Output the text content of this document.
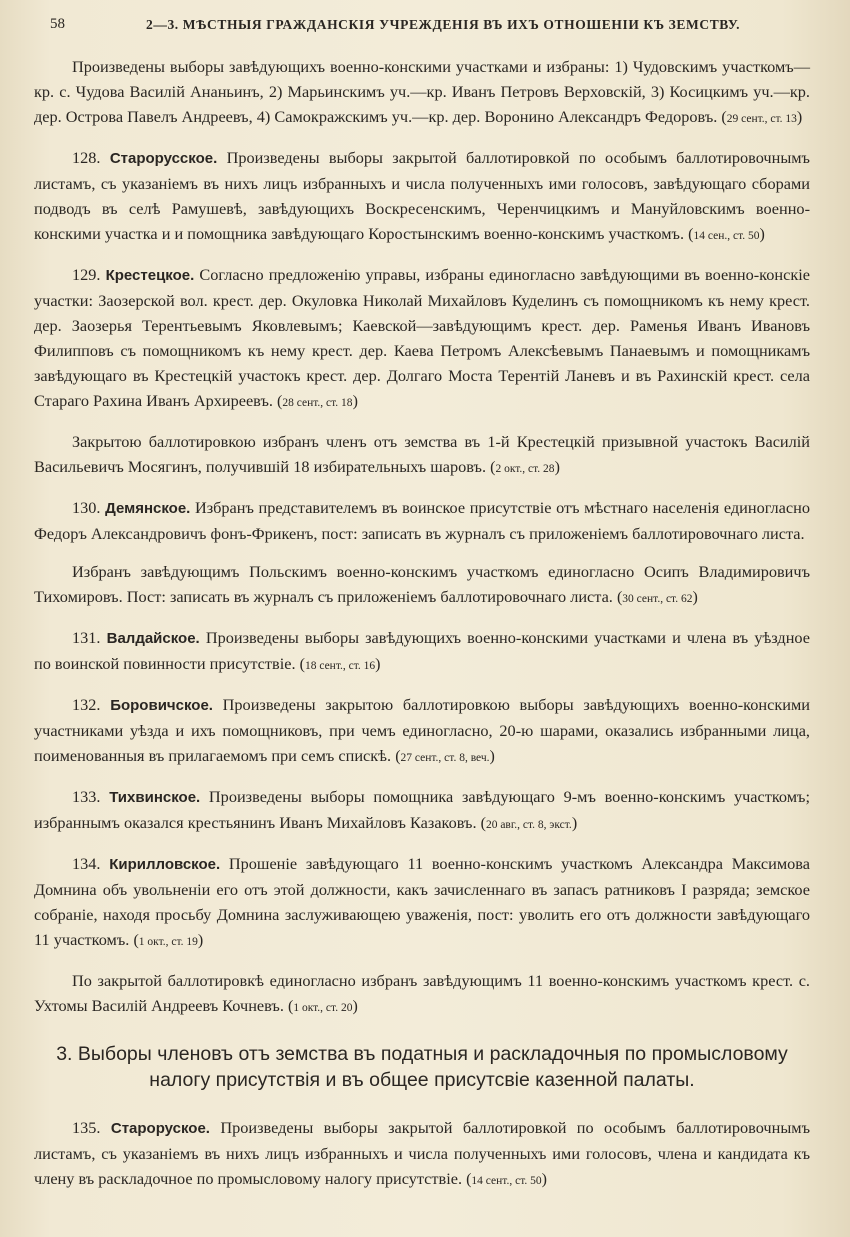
58	2—3. МѢСТНЫЯ ГРАЖДАНСКІЯ УЧРЕЖДЕНІЯ ВЪ ИХЪ ОТНОШЕНІИ КЪ ЗЕМСТВУ.

Произведены выборы завѣдующихъ военно-конскими участками и избраны: 1) Чудовскимъ участкомъ—кр. с. Чудова Василій Ананьинъ, 2) Марьинскимъ уч.—кр. Иванъ Петровъ Верховскій, 3) Косицкимъ уч.—кр. дер. Острова Павелъ Андреевъ, 4) Самокражскимъ уч.—кр. дер. Воронино Александръ Федоровъ. ( 29 сент., ст. 13 )

128. Старорусское. Произведены выборы закрытой баллотировкой по особымъ баллотировочнымъ листамъ, съ указаніемъ въ нихъ лицъ избранныхъ и числа полученныхъ ими голосовъ, завѣдующаго сборами подводъ въ селѣ Рамушевѣ, завѣдующихъ Воскресенскимъ, Черенчицкимъ и Мануйловскимъ военно-конскими участка и и помощника завѣдующаго Коростынскимъ военно-конскимъ участкомъ. ( 14 сен., ст. 50 )

129. Крестецкое. Согласно предложенію управы, избраны единогласно завѣдующими въ военно-конскіе участки: Заозерской вол. крест. дер. Окуловка Николай Михайловъ Куделинъ съ помощникомъ къ нему крест. дер. Заозерья Терентьевымъ Яковлевымъ; Каевской—завѣдующимъ крест. дер. Раменья Иванъ Ивановъ Филипповъ съ помощникомъ къ нему крест. дер. Каева Петромъ Алексѣевымъ Панаевымъ и помощникамъ завѣдующаго въ Крестецкій участокъ крест. дер. Долгаго Моста Терентій Ланевъ и въ Рахинскій крест. села Стараго Рахина Иванъ Архиреевъ. ( 28 сент., ст. 18 )

Закрытою баллотировкою избранъ членъ отъ земства въ 1-й Крестецкій призывной участокъ Василій Васильевичъ Мосягинъ, получившій 18 избирательныхъ шаровъ. ( 2 окт., ст. 28 )

130. Демянское. Избранъ представителемъ въ воинское присутствіе отъ мѣстнаго населенія единогласно Федоръ Александровичъ фонъ-Фрикенъ, пост: записать въ журналъ съ приложеніемъ баллотировочнаго листа.

Избранъ завѣдующимъ Польскимъ военно-конскимъ участкомъ единогласно Осипъ Владимировичъ Тихомировъ. Пост: записать въ журналъ съ приложеніемъ баллотировочнаго листа. ( 30 сент., ст. 62 )

131. Валдайское. Произведены выборы завѣдующихъ военно-конскими участками и члена въ уѣздное по воинской повинности присутствіе. ( 18 сент., ст. 16 )

132. Боровичское. Произведены закрытою баллотировкою выборы завѣдующихъ военно-конскими участниками уѣзда и ихъ помощниковъ, при чемъ единогласно, 20-ю шарами, оказались избранными лица, поименованныя въ прилагаемомъ при семъ спискѣ. ( 27 сент., ст. 8, веч. )

133. Тихвинское. Произведены выборы помощника завѣдующаго 9-мъ военно-конскимъ участкомъ; избраннымъ оказался крестьянинъ Иванъ Михайловъ Казаковъ. ( 20 авг., ст. 8, экст. )

134. Кирилловское. Прошеніе завѣдующаго 11 военно-конскимъ участкомъ Александра Максимова Домнина объ увольненіи его отъ этой должности, какъ зачисленнаго въ запасъ ратниковъ I разряда; земское собраніе, находя просьбу Домнина заслуживающею уваженія, пост: уволить его отъ должности завѣдующаго 11 участкомъ. ( 1 окт., ст. 19 )

По закрытой баллотировкѣ единогласно избранъ завѣдующимъ 11 военно-конскимъ участкомъ крест. с. Ухтомы Василій Андреевъ Кочневъ. ( 1 окт., ст. 20 )

3. Выборы членовъ отъ земства въ податныя и раскладочныя по промысловому налогу присутствія и въ общее присутсвіе казенной палаты.

135. Староруское. Произведены выборы закрытой баллотировкой по особымъ баллотировочнымъ листамъ, съ указаніемъ въ нихъ лицъ избранныхъ и числа полученныхъ ими голосовъ, члена и кандидата къ члену въ раскладочное по промысловому налогу присутствіе. ( 14 сент., ст. 50 )
